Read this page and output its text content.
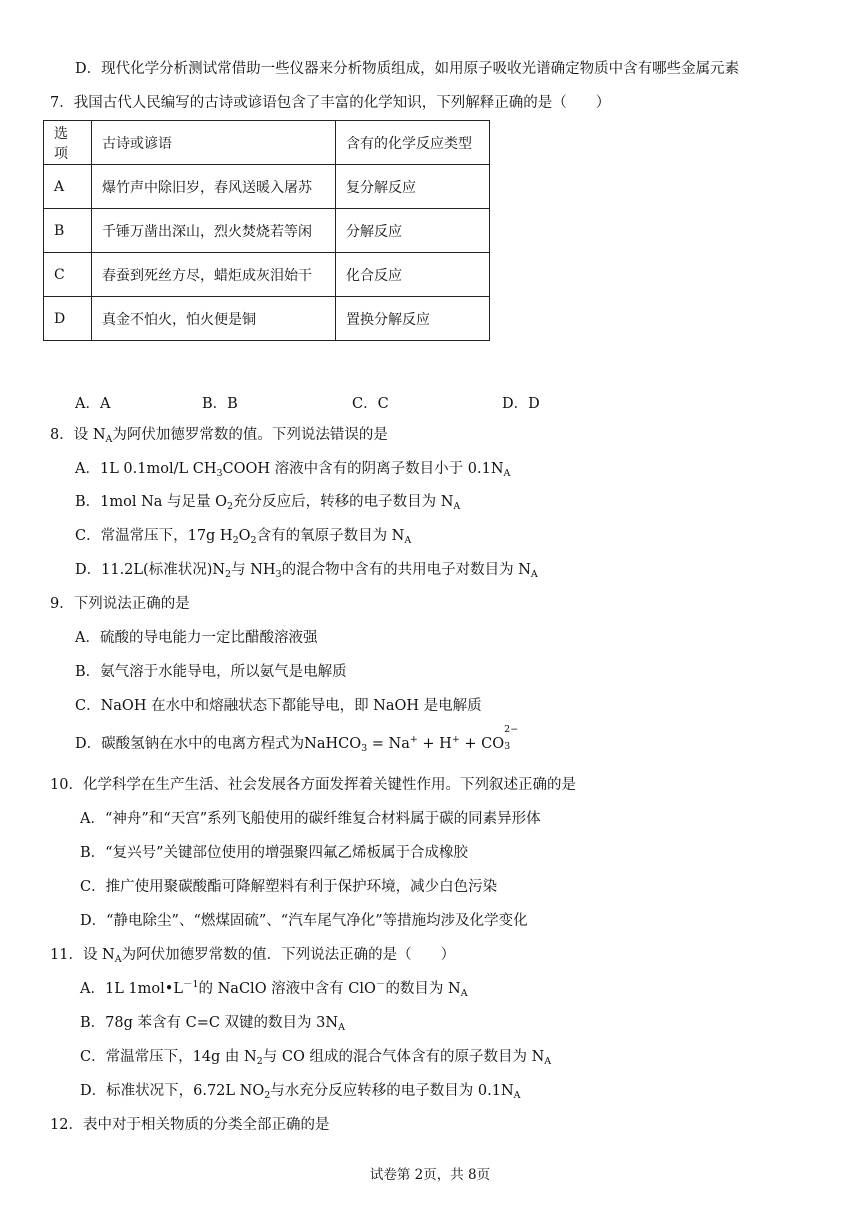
D．现代化学分析测试常借助一些仪器来分析物质组成，如用原子吸收光谱确定物质中含有哪些金属元素
7．我国古代人民编写的古诗或谚语包含了丰富的化学知识，下列解释正确的是（　　）
选项	古诗或谚语	含有的化学反应类型
A	爆竹声中除旧岁，春风送暖入屠苏	复分解反应
B	千锤万凿出深山，烈火焚烧若等闲	分解反应
C	春蚕到死丝方尽，蜡炬成灰泪始干	化合反应
D	真金不怕火，怕火便是铜	置换分解反应
A．A	B．B	C．C	D．D
8．设 $N_A$为阿伏加德罗常数的值。下列说法错误的是
A．1L 0.1mol/L $CH_3COOH$ 溶液中含有的阴离子数目小于 $0.1N_A$
B．1mol Na 与足量 $O_2$充分反应后，转移的电子数目为 $N_A$
C．常温常压下，17g $H_2O_2$含有的氧原子数目为 $N_A$
D．11.2L(标准状况)$N_2$与 $NH_3$的混合物中含有的共用电子对数目为 $N_A$
9．下列说法正确的是
A．硫酸的导电能力一定比醋酸溶液强
B．氨气溶于水能导电，所以氨气是电解质
C．NaOH 在水中和熔融状态下都能导电，即 NaOH 是电解质
D．碳酸氢钠在水中的电离方程式为NaHCO$_3$ = Na+ + H+ + CO
2−
3
10．化学科学在生产生活、社会发展各方面发挥着关键性作用。下列叙述正确的是
A．“神舟”和“天宫”系列飞船使用的碳纤维复合材料属于碳的同素异形体
B．“复兴号”关键部位使用的增强聚四氟乙烯板属于合成橡胶
C．推广使用聚碳酸酯可降解塑料有利于保护环境，减少白色污染
D．“静电除尘”、“燃煤固硫”、“汽车尾气净化”等措施均涉及化学变化
11．设 $N_A$为阿伏加德罗常数的值．下列说法正确的是（　　）
A．1L $1mol•L^{-1}$的 NaClO 溶液中含有 ClO－的数目为 $N_A$
B．78g 苯含有 C=C 双键的数目为 $3N_A$
C．常温常压下，14g 由 $N_2$与 CO 组成的混合气体含有的原子数目为 $N_A$
D．标准状况下，6.72L $NO_2$与水充分反应转移的电子数目为 $0.1N_A$
12．表中对于相关物质的分类全部正确的是
试卷第 2页，共 8页
